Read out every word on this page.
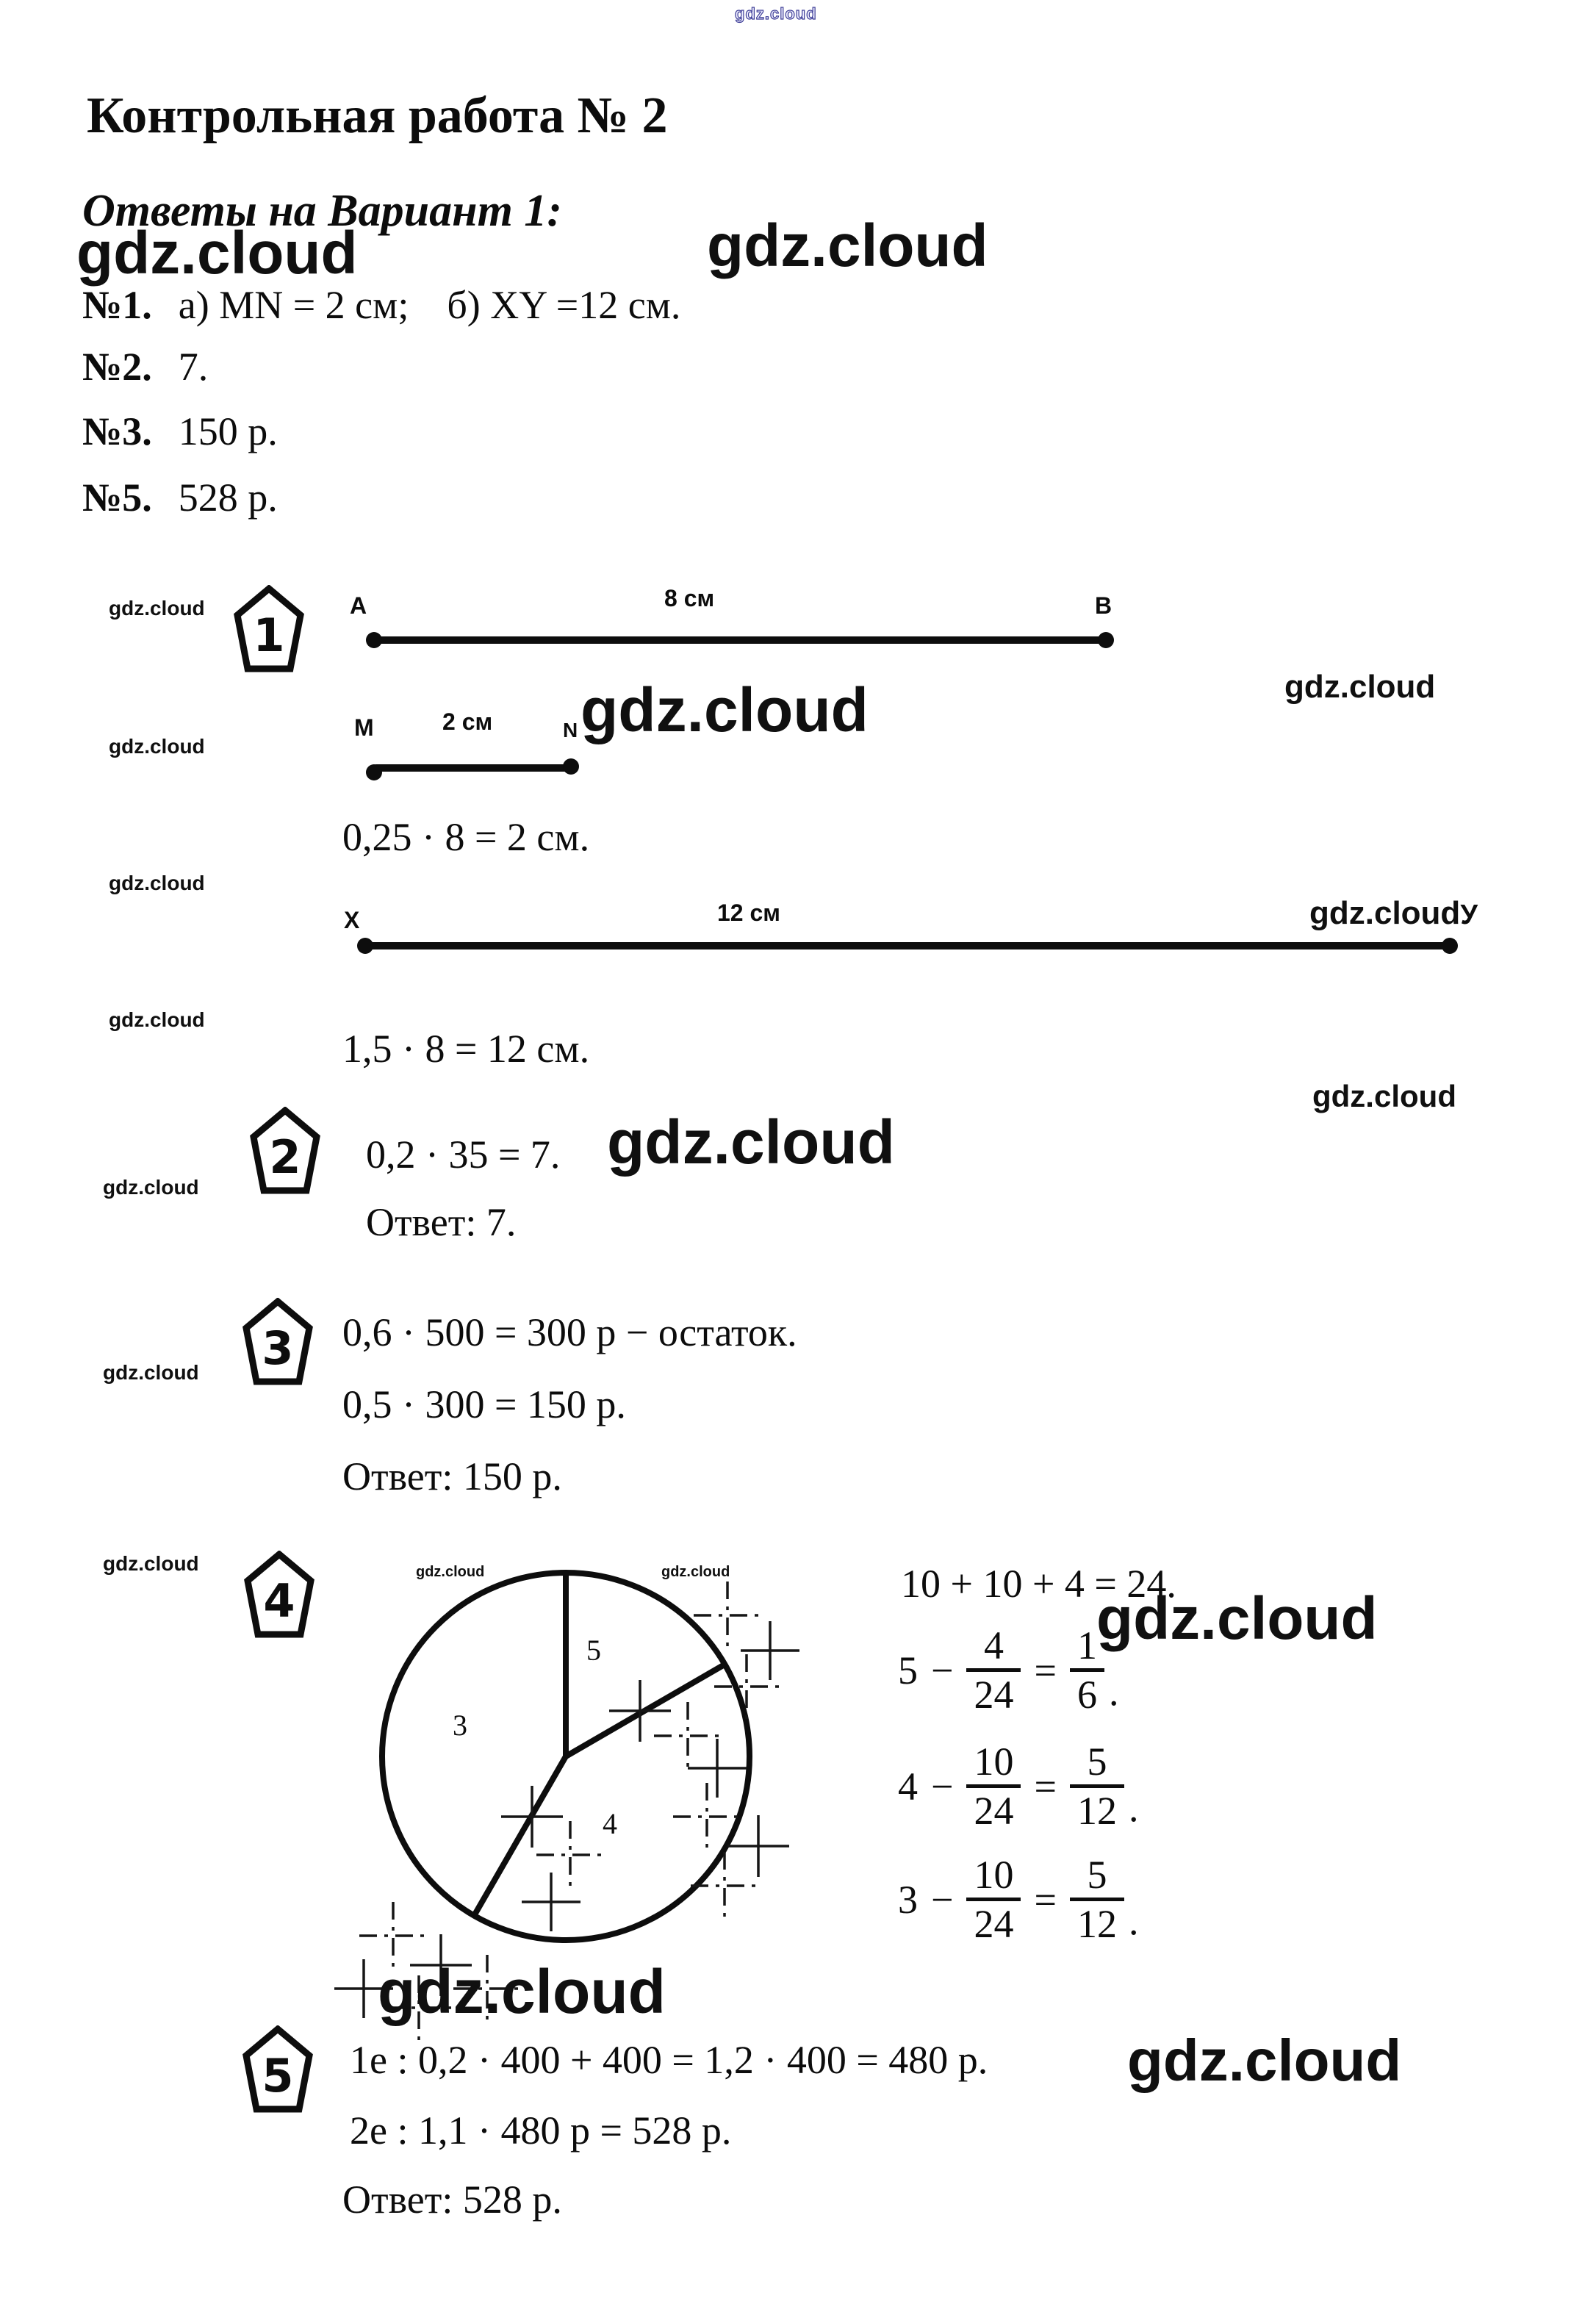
gdz.cloud
Контрольная работа № 2
Ответы на Вариант 1:
gdz.cloud	gdz.cloud
№1. а) MN = 2 см; б) XY =12 см.
№2. 7.
№3. 150 р.
№5. 528 р.
gdz.cloud
1
A	8 см	B
gdz.cloud	gdz.cloud
M	2 см	N
gdz.cloud
0,25 · 8 = 2 см.
gdz.cloud
X	12 см	gdz.cloudУ
gdz.cloud
1,5 · 8 = 12 см.
gdz.cloud
2 0,2 · 35 = 7. gdz.cloud
gdz.cloud
Ответ: 7.
3 0,6 · 500 = 300 р − остаток.
gdz.cloud
0,5 · 300 = 150 р.
Ответ: 150 р.
gdz.cloud
4
gdz.cloud	gdz.cloud
5
3
4
10 + 10 + 4 = 24.
gdz.cloud
5 −
4
24
=
1
6 .
4 −
10
24
=
5
12 .
3 −
10
24
=
5
12 .
gdz.cloud
5 1е : 0,2 · 400 + 400 = 1,2 · 400 = 480 р. gdz.cloud
2е : 1,1 · 480 р = 528 р.
Ответ: 528 р.
